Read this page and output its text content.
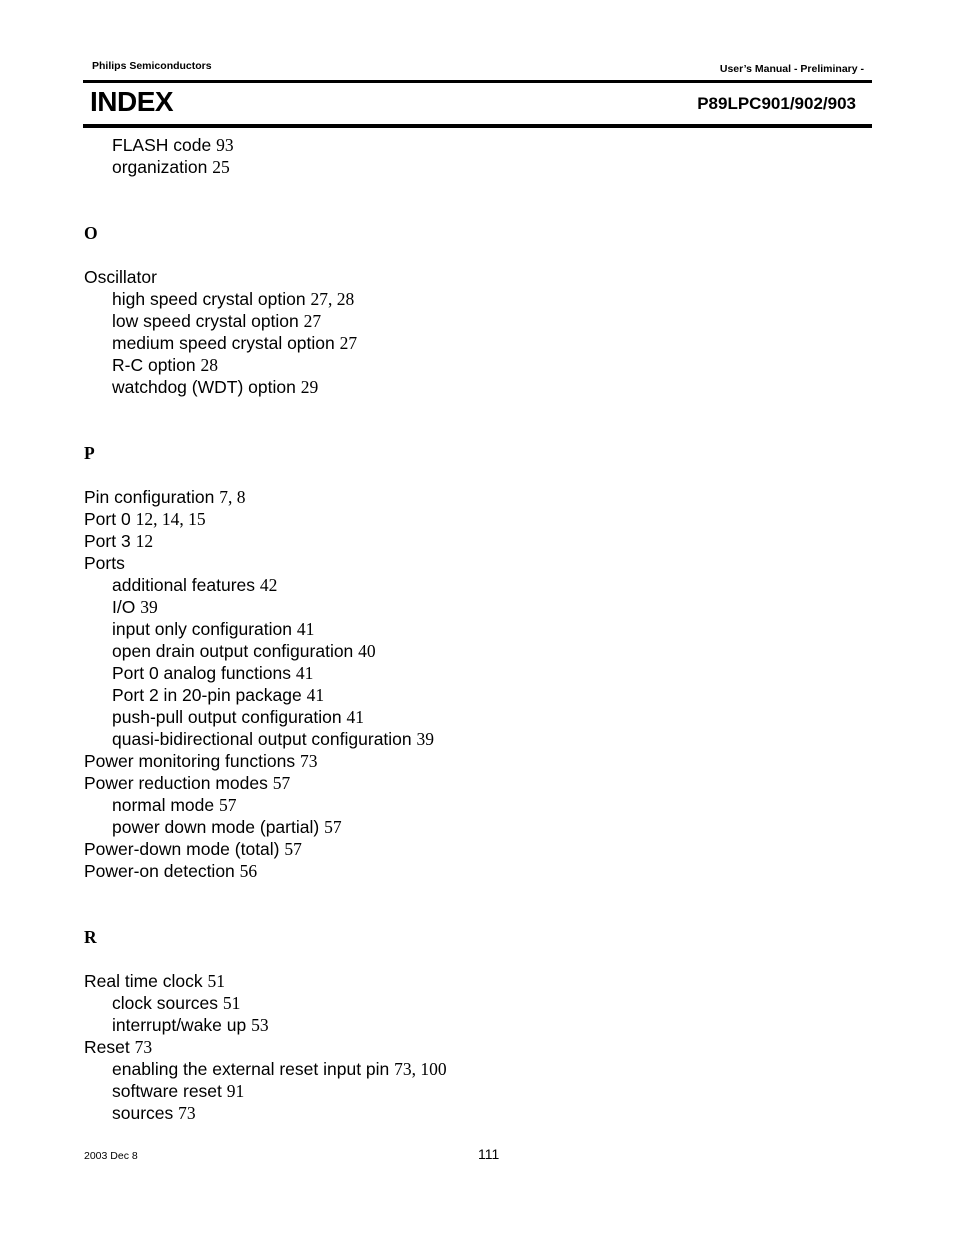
Philips Semiconductors	User’s Manual - Preliminary -
INDEX	P89LPC901/902/903
FLASH code 93
organization 25
O
Oscillator
high speed crystal option 27, 28
low speed crystal option 27
medium speed crystal option 27
R-C option 28
watchdog (WDT) option 29
P
Pin configuration 7, 8
Port 0 12, 14, 15
Port 3 12
Ports
additional features 42
I/O 39
input only configuration 41
open drain output configuration 40
Port 0 analog functions 41
Port 2 in 20-pin package 41
push-pull output configuration 41
quasi-bidirectional output configuration 39
Power monitoring functions 73
Power reduction modes 57
normal mode 57
power down mode (partial) 57
Power-down mode (total) 57
Power-on detection 56
R
Real time clock 51
clock sources 51
interrupt/wake up 53
Reset 73
enabling the external reset input pin 73, 100
software reset 91
sources 73
2003 Dec 8	111
